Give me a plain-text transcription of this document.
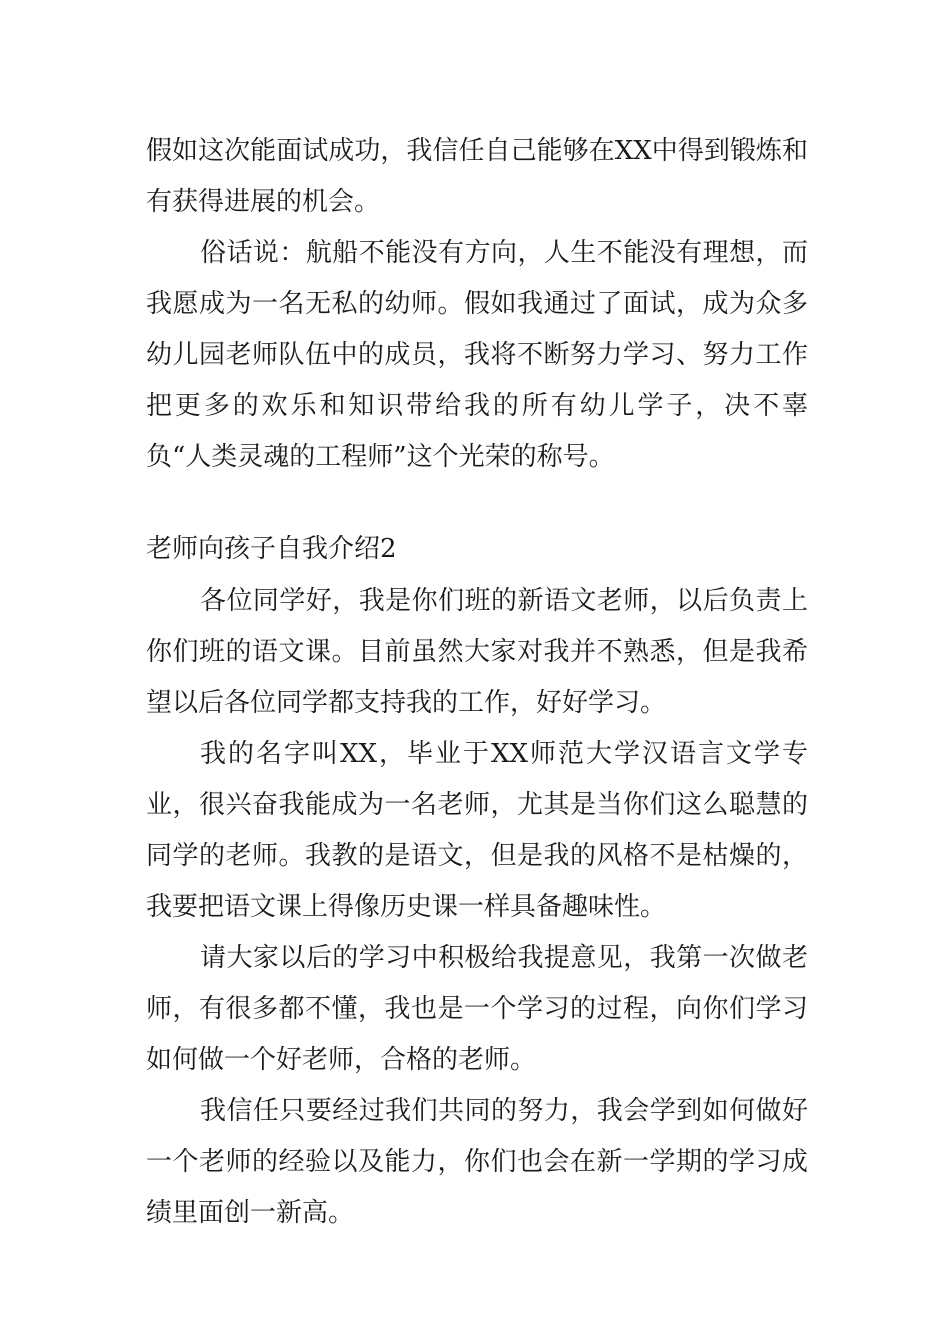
假如这次能面试成功，我信任自己能够在XX中得到锻炼和有获得进展的机会。

俗话说：航船不能没有方向，人生不能没有理想，而我愿成为一名无私的幼师。假如我通过了面试，成为众多幼儿园老师队伍中的成员，我将不断努力学习、努力工作把更多的欢乐和知识带给我的所有幼儿学子，决不辜负“人类灵魂的工程师”这个光荣的称号。

老师向孩子自我介绍2

各位同学好，我是你们班的新语文老师，以后负责上你们班的语文课。目前虽然大家对我并不熟悉，但是我希望以后各位同学都支持我的工作，好好学习。

我的名字叫XX，毕业于XX师范大学汉语言文学专业，很兴奋我能成为一名老师，尤其是当你们这么聪慧的同学的老师。我教的是语文，但是我的风格不是枯燥的，我要把语文课上得像历史课一样具备趣味性。

请大家以后的学习中积极给我提意见，我第一次做老师，有很多都不懂，我也是一个学习的过程，向你们学习如何做一个好老师，合格的老师。

我信任只要经过我们共同的努力，我会学到如何做好一个老师的经验以及能力，你们也会在新一学期的学习成绩里面创一新高。
